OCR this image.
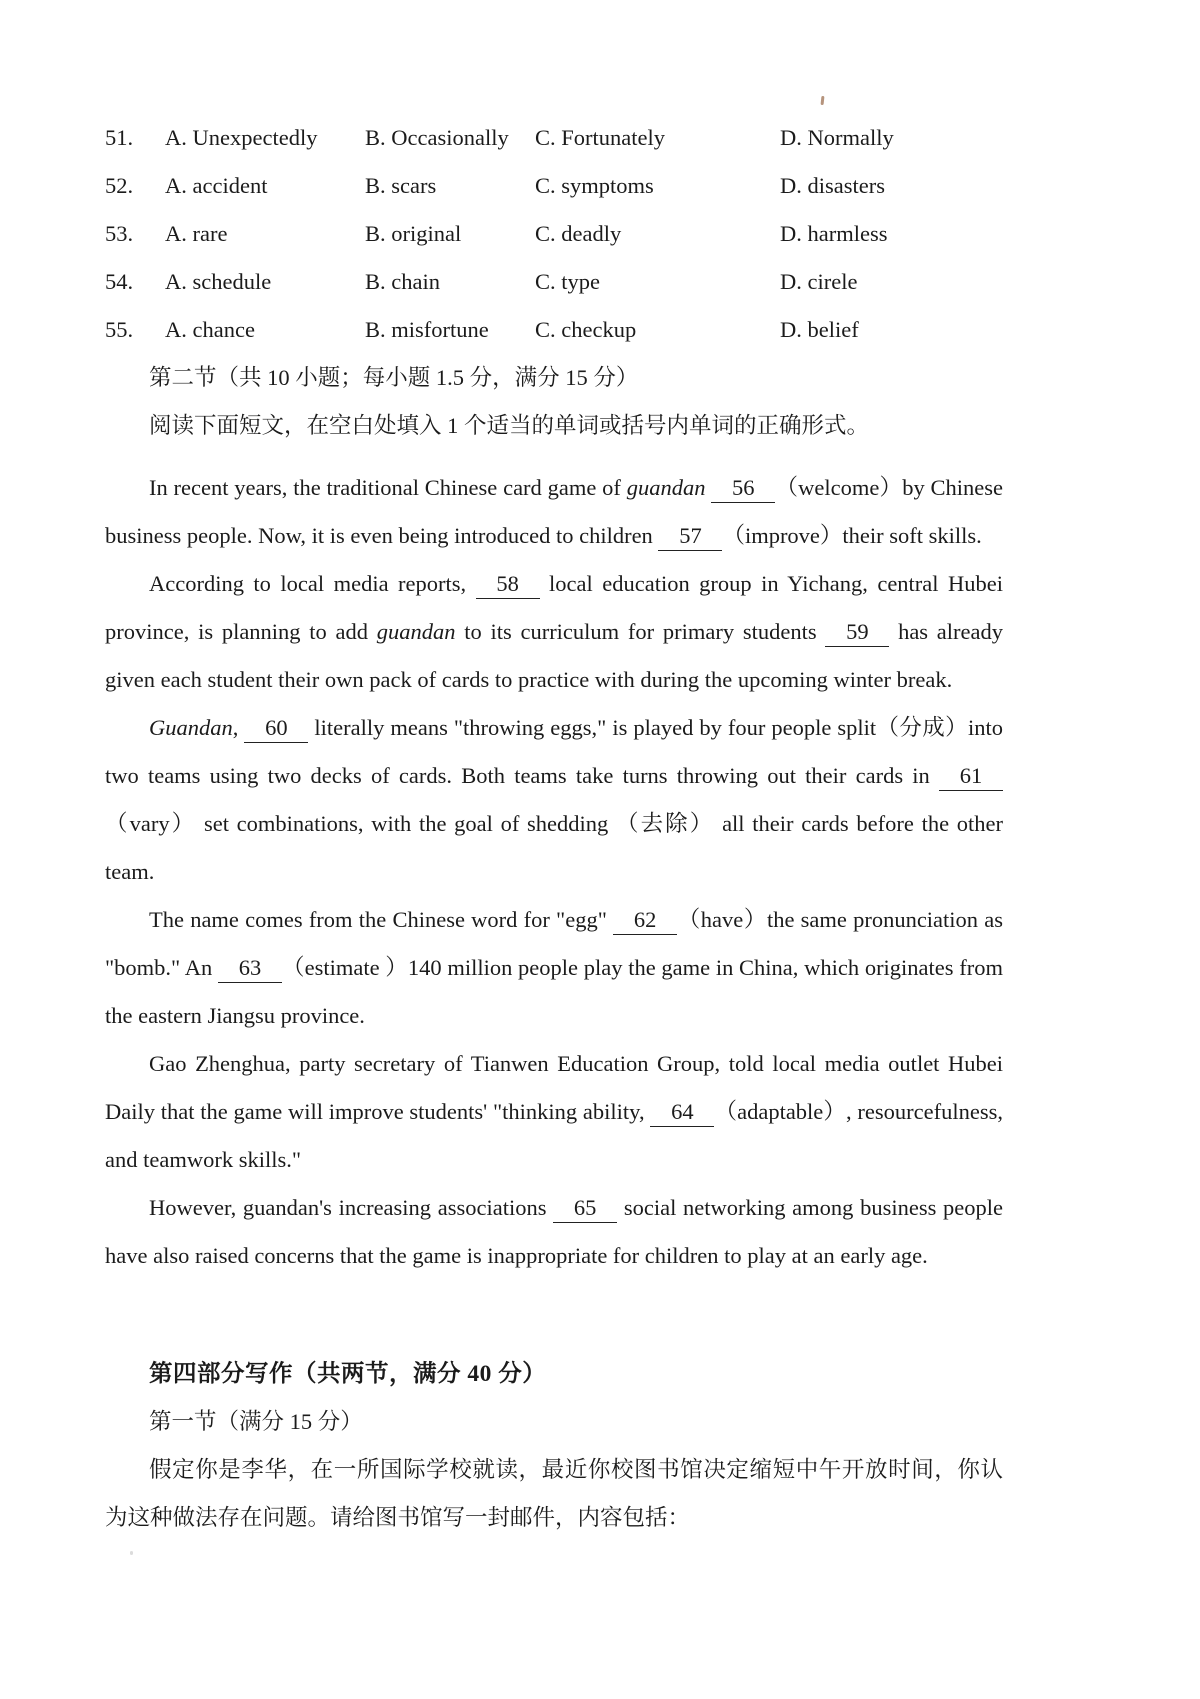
51.	A. Unexpectedly	B. Occasionally	C. Fortunately	D. Normally
52.	A. accident	B. scars	C. symptoms	D. disasters
53.	A. rare	B. original	C. deadly	D. harmless
54.	A. schedule	B. chain	C. type	D. cirele
55.	A. chance	B. misfortune	C. checkup	D. belief
第二节（共 10 小题；每小题 1.5 分，满分 15 分）
阅读下面短文，在空白处填入 1 个适当的单词或括号内单词的正确形式。

In recent years, the traditional Chinese card game of guandan 56 （welcome）by Chinese business people. Now, it is even being introduced to children 57 （improve）their soft skills.

According to local media reports, 58 local education group in Yichang, central Hubei province, is planning to add guandan to its curriculum for primary students 59 has already given each student their own pack of cards to practice with during the upcoming winter break.

Guandan, 60 literally means "throwing eggs," is played by four people split（分成）into two teams using two decks of cards. Both teams take turns throwing out their cards in 61（vary） set combinations, with the goal of shedding （去除） all their cards before the other team.

The name comes from the Chinese word for "egg" 62 （have）the same pronunciation as "bomb." An 63 （estimate ）140 million people play the game in China, which originates from the eastern Jiangsu province.

Gao Zhenghua, party secretary of Tianwen Education Group, told local media outlet Hubei Daily that the game will improve students' "thinking ability, 64 （adaptable）, resourcefulness, and teamwork skills."

However, guandan's increasing associations 65 social networking among business people have also raised concerns that the game is inappropriate for children to play at an early age.

第四部分写作（共两节，满分 40 分）
第一节（满分 15 分）

假定你是李华，在一所国际学校就读，最近你校图书馆决定缩短中午开放时间，你认为这种做法存在问题。请给图书馆写一封邮件，内容包括：
